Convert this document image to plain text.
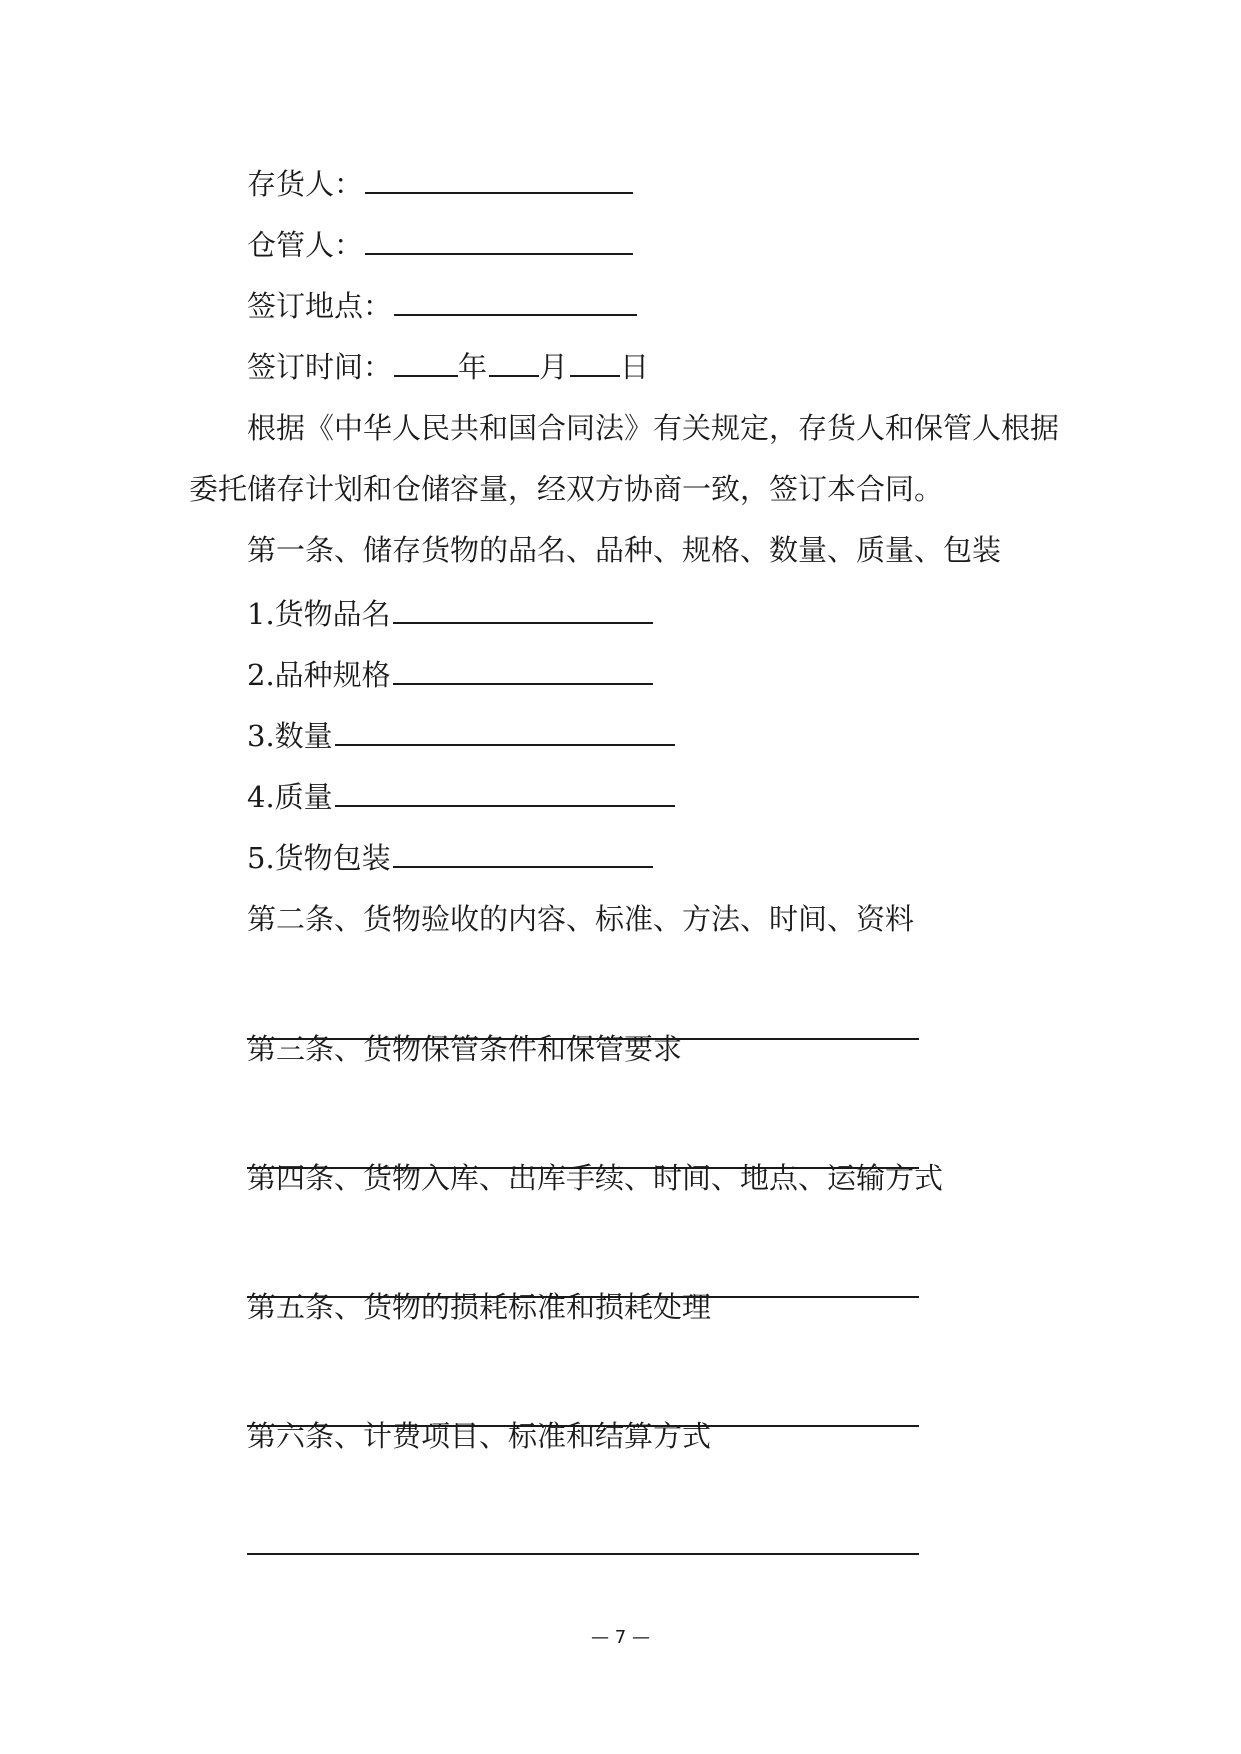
存货人：
仓管人：
签订地点：
签订时间： 年 月 日
根据《中华人民共和国合同法》有关规定，存货人和保管人根据
委托储存计划和仓储容量，经双方协商一致，签订本合同。
第一条、储存货物的品名、品种、规格、数量、质量、包装
1.货物品名
2.品种规格
3.数量
4.质量
5.货物包装
第二条、货物验收的内容、标准、方法、时间、资料
第三条、货物保管条件和保管要求
第四条、货物入库、出库手续、时间、地点、运输方式
第五条、货物的损耗标准和损耗处理
第六条、计费项目、标准和结算方式
— 7 —
